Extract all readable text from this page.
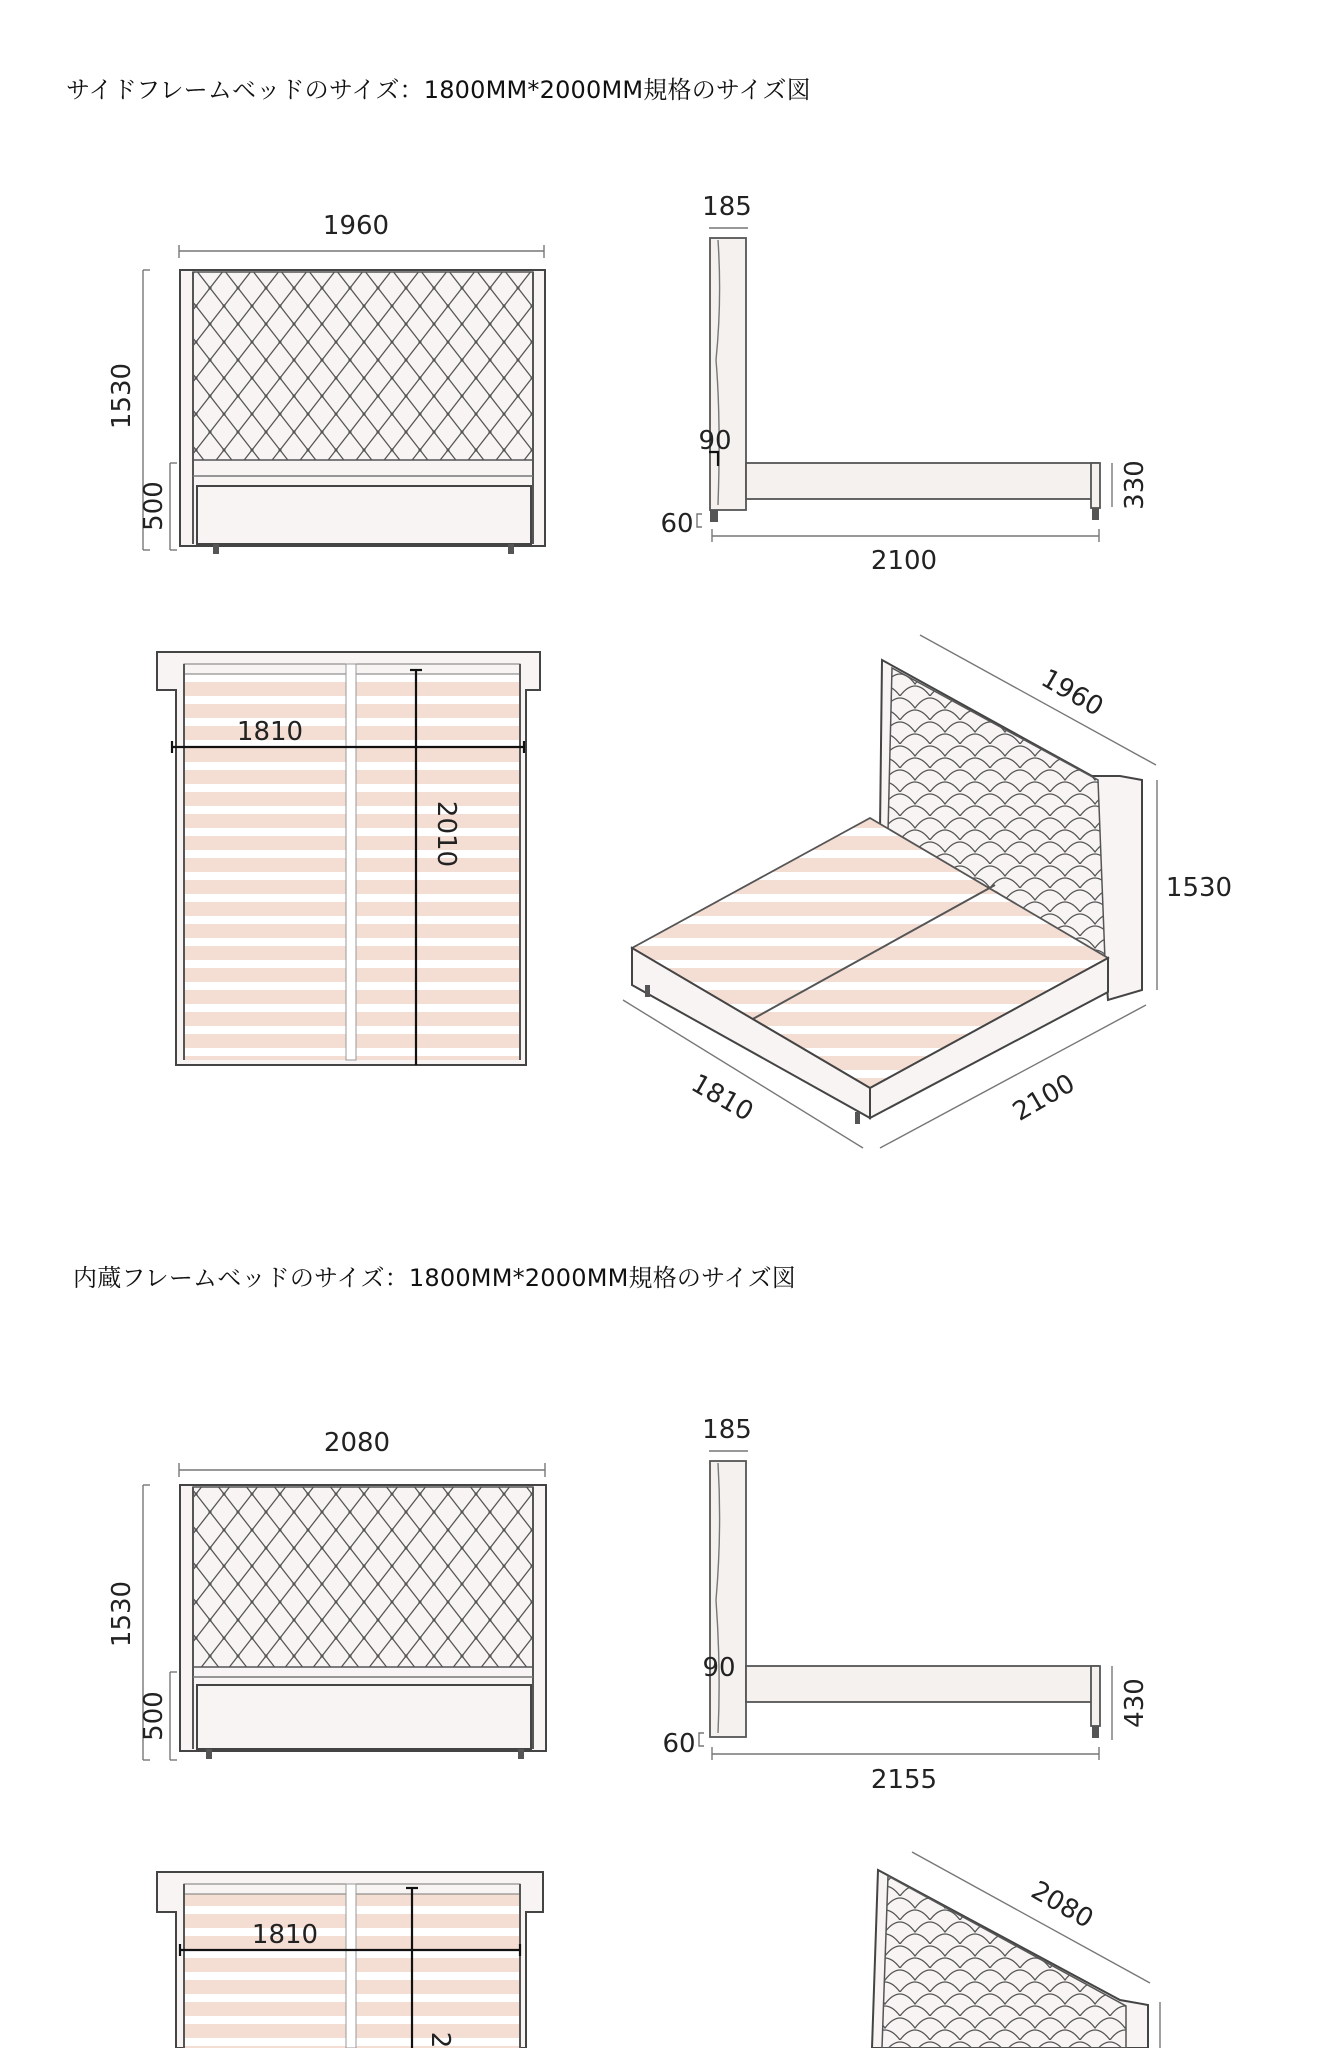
サイドフレームベッドのサイズ：1800MM*2000MM規格のサイズ図
内蔵フレームベッドのサイズ：1800MM*2000MM規格のサイズ図
1960
1530
500
185
90
60
2100
330
1810
2010
1960
1530
1810	2100
2080
1530
500
185
90
60
2155
430
1810
2
2080
